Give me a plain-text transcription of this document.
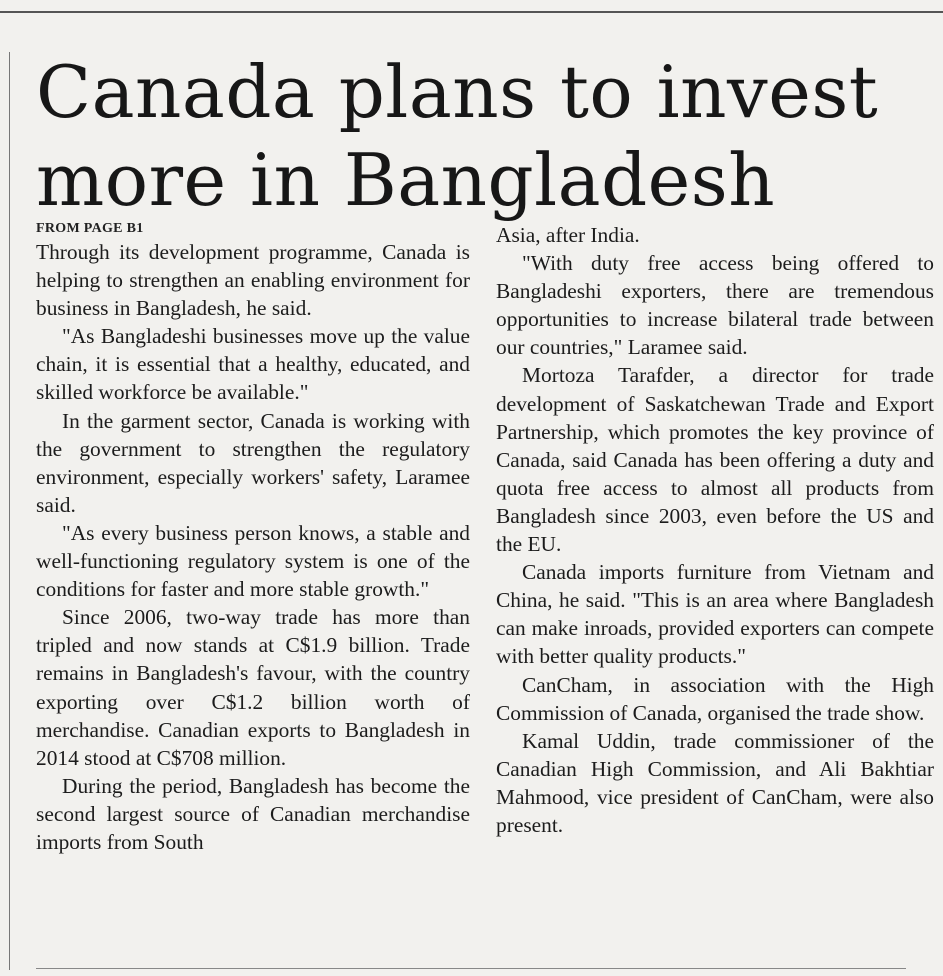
Canada plans to invest
more in Bangladesh
FROM PAGE B1

Through its development programme, Canada is helping to strengthen an enabling environment for business in Bangladesh, he said.

"As Bangladeshi businesses move up the value chain, it is essential that a healthy, educated, and skilled workforce be available."

In the garment sector, Canada is working with the government to strengthen the regulatory environment, especially workers' safety, Laramee said.

"As every business person knows, a stable and well-functioning regulatory system is one of the conditions for faster and more stable growth."

Since 2006, two-way trade has more than tripled and now stands at C$1.9 billion. Trade remains in Bangladesh's favour, with the country exporting over C$1.2 billion worth of merchandise. Canadian exports to Bangladesh in 2014 stood at C$708 million.

During the period, Bangladesh has become the second largest source of Canadian merchandise imports from South

Asia, after India.

"With duty free access being offered to Bangladeshi exporters, there are tremendous opportunities to increase bilateral trade between our countries," Laramee said.

Mortoza Tarafder, a director for trade development of Saskatchewan Trade and Export Partnership, which promotes the key province of Canada, said Canada has been offering a duty and quota free access to almost all products from Bangladesh since 2003, even before the US and the EU.

Canada imports furniture from Vietnam and China, he said. "This is an area where Bangladesh can make inroads, provided exporters can compete with better quality products."

CanCham, in association with the High Commission of Canada, organised the trade show.

Kamal Uddin, trade commissioner of the Canadian High Commission, and Ali Bakhtiar Mahmood, vice president of CanCham, were also present.
